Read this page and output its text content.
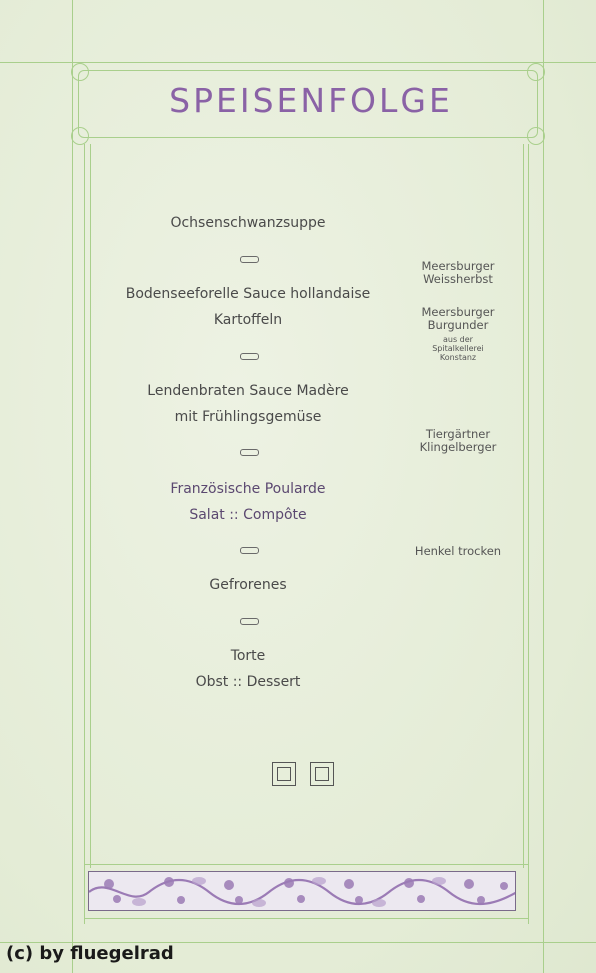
SPEISENFOLGE
Ochsenschwanzsuppe
Bodenseeforelle Sauce hollandaise
Kartoffeln
Lendenbraten Sauce Madère
mit Frühlingsgemüse
Französische Poularde
Salat :: Compôte
Gefrorenes
Torte
Obst :: Dessert
Meersburger
Weissherbst
Meersburger
Burgunder
aus der
Spitalkellerei
Konstanz
Tiergärtner
Klingelberger
Henkel trocken
(c) by fluegelrad
